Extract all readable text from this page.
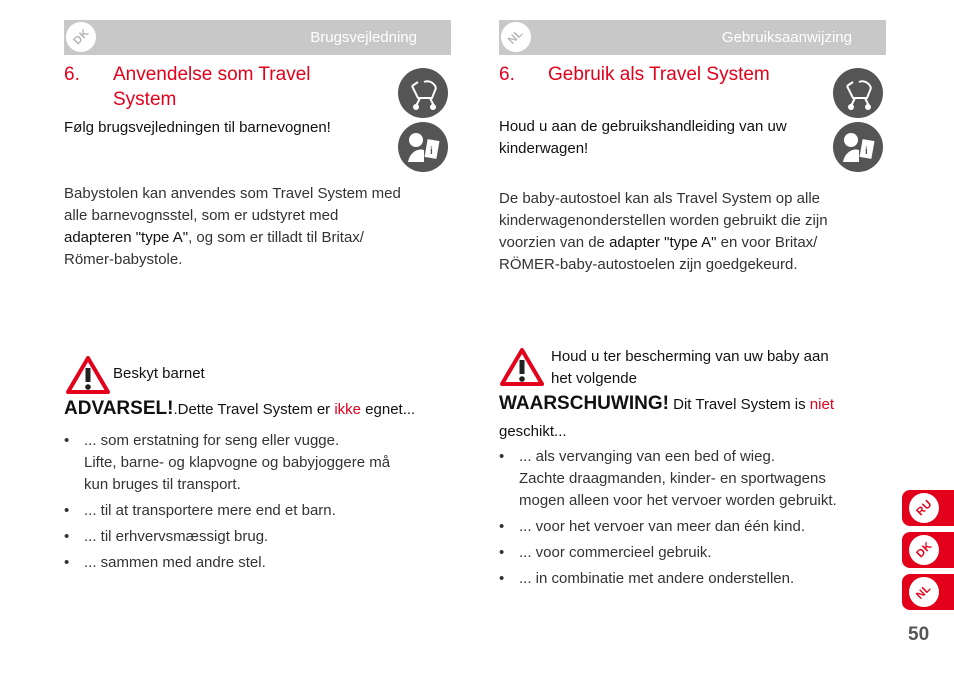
DK	Brugsvejledning
6. Anvendelse som Travel
System
i
Følg brugsvejledningen til barnevognen!
Babystolen kan anvendes som Travel System med
alle barnevognsstel, som er udstyret med
adapteren "type A", og som er tilladt til Britax/
Römer-babystole.
Beskyt barnet
ADVARSEL!.Dette Travel System er ikke egnet...
• ... som erstatning for seng eller vugge.
Lifte, barne- og klapvogne og babyjoggere må
kun bruges til transport.
• ... til at transportere mere end et barn.
• ... til erhvervsmæssigt brug.
• ... sammen med andre stel.
NL	Gebruiksaanwijzing
6. Gebruik als Travel System
i
Houd u aan de gebruikshandleiding van uw
kinderwagen!
De baby-autostoel kan als Travel System op alle
kinderwagenonderstellen worden gebruikt die zijn
voorzien van de adapter "type A" en voor Britax/
RÖMER-baby-autostoelen zijn goedgekeurd.
Houd u ter bescherming van uw baby aan
het volgende
WAARSCHUWING! Dit Travel System is niet
geschikt...
• ... als vervanging van een bed of wieg.
Zachte draagmanden, kinder- en sportwagens
mogen alleen voor het vervoer worden gebruikt.
• ... voor het vervoer van meer dan één kind.
• ... voor commercieel gebruik.
• ... in combinatie met andere onderstellen.
RU
DK
NL
50
